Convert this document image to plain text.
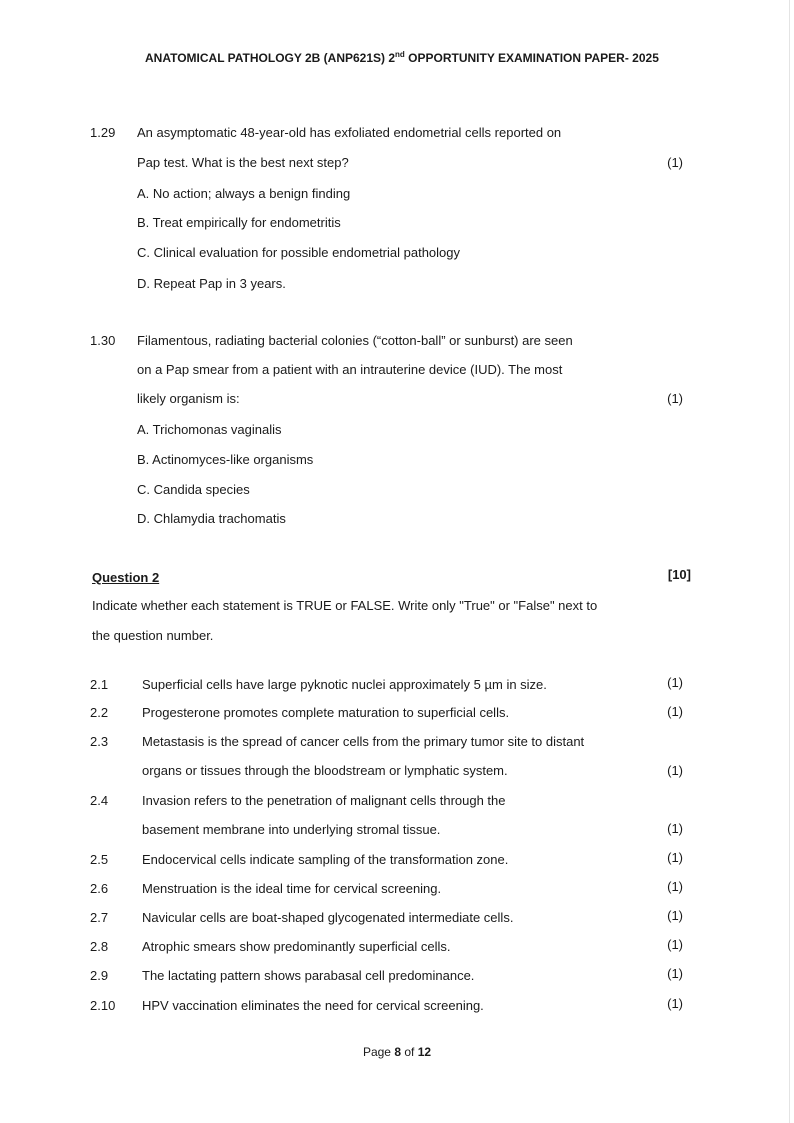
ANATOMICAL PATHOLOGY 2B (ANP621S) 2nd OPPORTUNITY EXAMINATION PAPER- 2025
1.29 An asymptomatic 48-year-old has exfoliated endometrial cells reported on
Pap test. What is the best next step?	(1)
A. No action; always a benign finding
B. Treat empirically for endometritis
C. Clinical evaluation for possible endometrial pathology
D. Repeat Pap in 3 years.
1.30 Filamentous, radiating bacterial colonies (“cotton-ball” or sunburst) are seen
on a Pap smear from a patient with an intrauterine device (IUD). The most
likely organism is:	(1)
A. Trichomonas vaginalis
B. Actinomyces-like organisms
C. Candida species
D. Chlamydia trachomatis
Question 2	[10]
Indicate whether each statement is TRUE or FALSE. Write only "True" or "False" next to
the question number.
2.1	Superficial cells have large pyknotic nuclei approximately 5 µm in size.	(1)
2.2	Progesterone promotes complete maturation to superficial cells.	(1)
2.3	Metastasis is the spread of cancer cells from the primary tumor site to distant
organs or tissues through the bloodstream or lymphatic system.	(1)
2.4	Invasion refers to the penetration of malignant cells through the
basement membrane into underlying stromal tissue.	(1)
2.5	Endocervical cells indicate sampling of the transformation zone.	(1)
2.6	Menstruation is the ideal time for cervical screening.	(1)
2.7	Navicular cells are boat-shaped glycogenated intermediate cells.	(1)
2.8	Atrophic smears show predominantly superficial cells.	(1)
2.9	The lactating pattern shows parabasal cell predominance.	(1)
2.10 HPV vaccination eliminates the need for cervical screening.	(1)
Page 8 of 12
